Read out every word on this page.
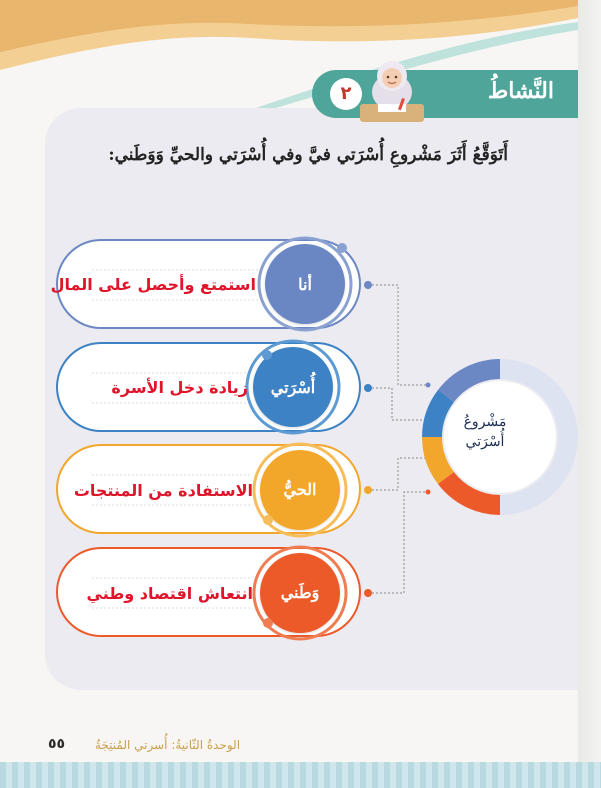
النَّشاطُ
٢
أَتَوَقَّعُ أَثَرَ مَشْروعِ أُسْرَتي فيَّ وفي أُسْرَتي والحيِّ وَوَطَني:
أنا
أُسْرَتي
الحيُّ
وَطَني
استمتع وأحصل على المال
زيادة دخل الأسرة
الاستفادة من المنتجات
انتعاش اقتصاد وطني
مَشْروعُ
أُسْرَتي
٥٥ الوحدةُ الثّانيةُ: أُسرتي المُنتِجَةُ
